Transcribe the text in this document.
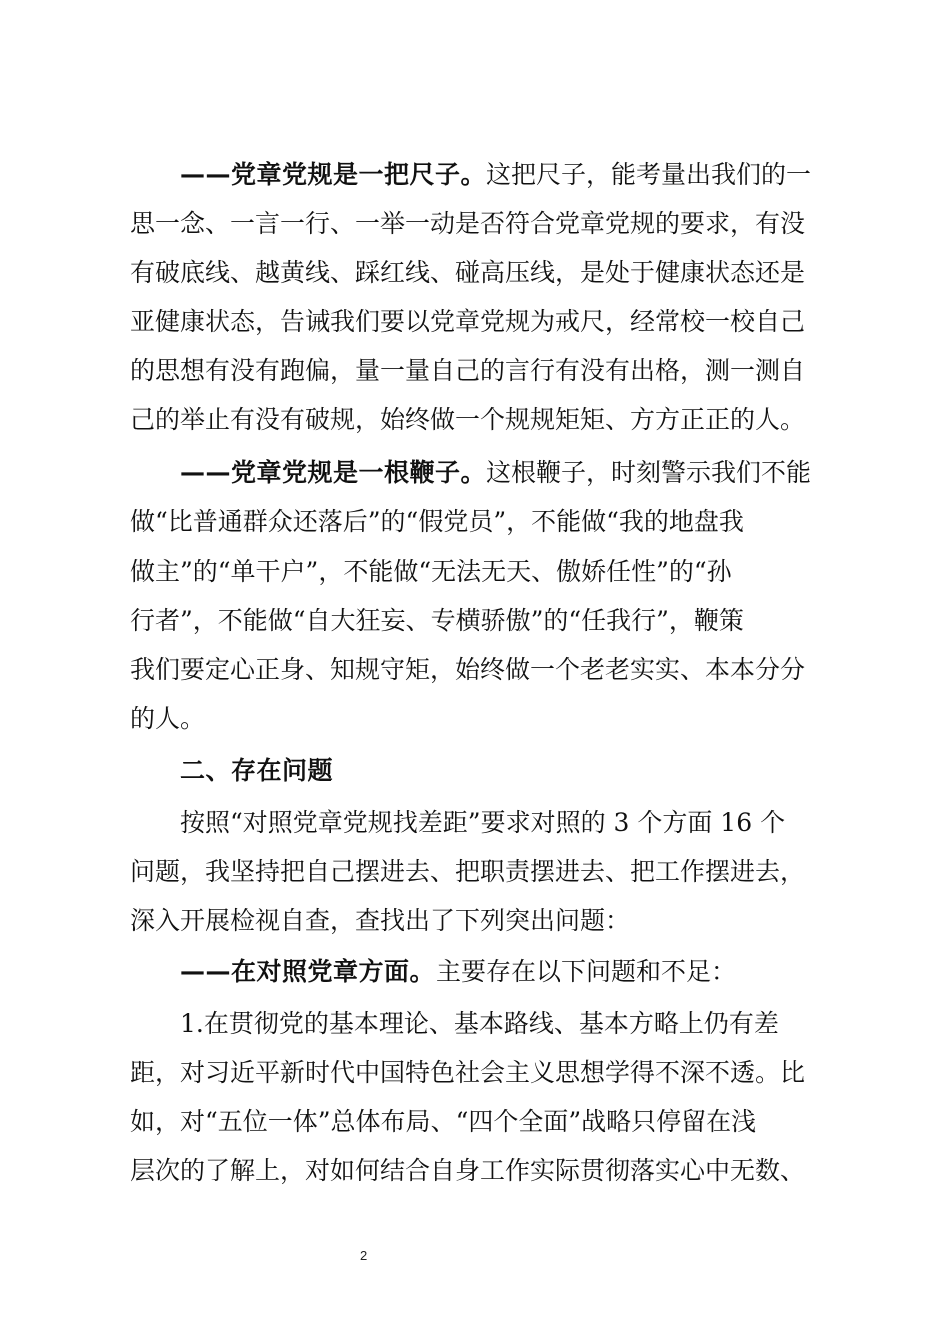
——党章党规是一把尺子。 这把尺子，能考量出我们的一
思一念、一言一行、一举一动是否符合党章党规的要求，有没
有破底线、越黄线、踩红线、碰高压线，是处于健康状态还是
亚健康状态，告诫我们要以党章党规为戒尺，经常校一校自己
的思想有没有跑偏，量一量自己的言行有没有出格，测一测自
己的举止有没有破规，始终做一个规规矩矩、方方正正的人。
——党章党规是一根鞭子。 这根鞭子，时刻警示我们不能
做“比普通群众还落后”的“假党员”，不能做“我的地盘我
做主”的“单干户”，不能做“无法无天、傲娇任性”的“孙
行者”，不能做“自大狂妄、专横骄傲”的“任我行”，鞭策
我们要定心正身、知规守矩，始终做一个老老实实、本本分分
的人。
二、存在问题
按照“对照党章党规找差距”要求对照的 3 个方面 16 个
问题，我坚持把自己摆进去、把职责摆进去、把工作摆进去，
深入开展检视自查，查找出了下列突出问题：
——在对照党章方面。 主要存在以下问题和不足：
1.在贯彻党的基本理论、基本路线、基本方略上仍有差
距，对习近平新时代中国特色社会主义思想学得不深不透。比
如，对“五位一体”总体布局、“四个全面”战略只停留在浅
层次的了解上，对如何结合自身工作实际贯彻落实心中无数、
2
